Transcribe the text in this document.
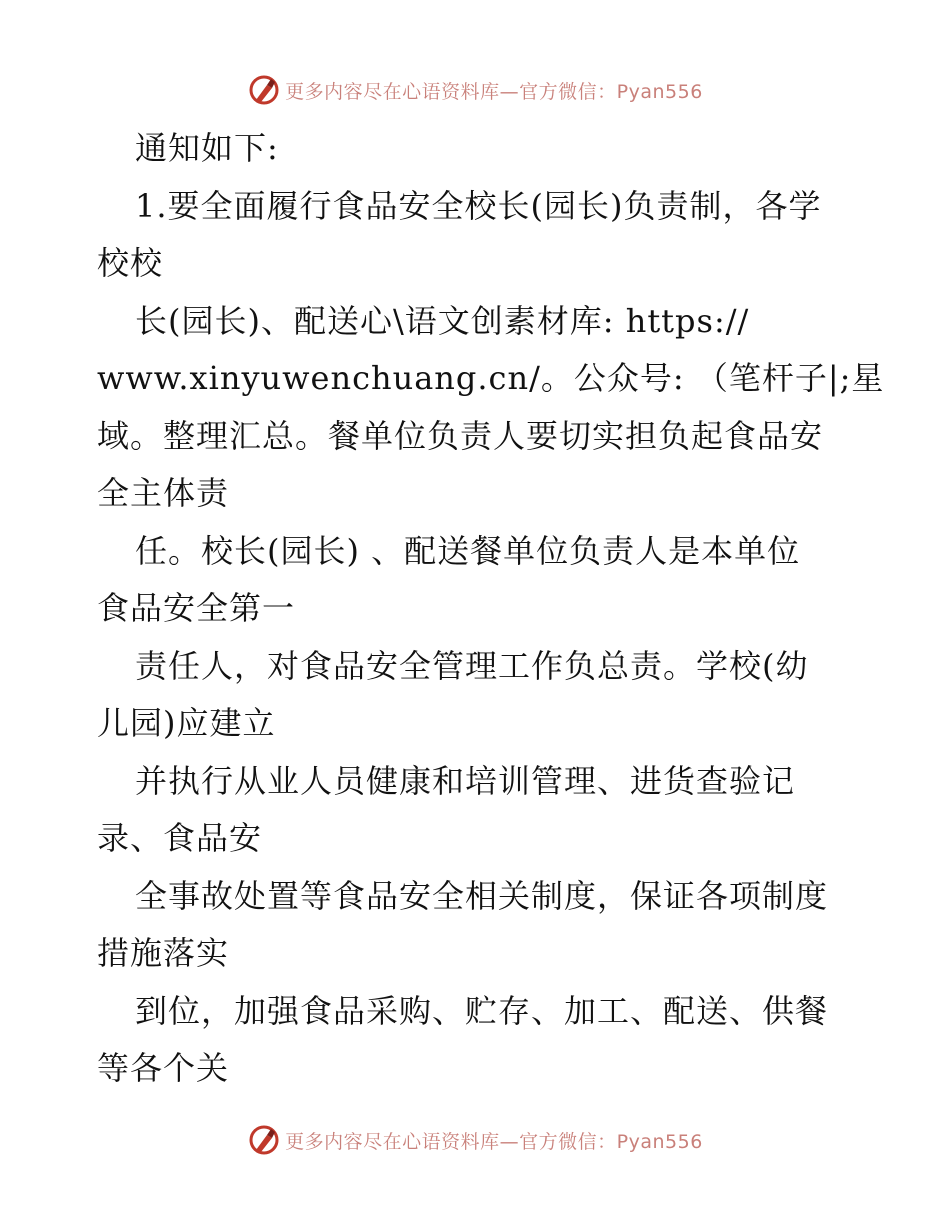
更多内容尽在心语资料库—官方微信：Pyan556
通知如下:
1.要全面履行食品安全校长(园长)负责制，各学
校校
长(园长)、配送心\语文创素材库: https://
www.xinyuwenchuang.cn/。公众号: （笔杆子|;星
域。整理汇总。餐单位负责人要切实担负起食品安
全主体责
任。校长(园长) 、配送餐单位负责人是本单位
食品安全第一
责任人，对食品安全管理工作负总责。学校(幼
儿园)应建立
并执行从业人员健康和培训管理、进货查验记
录、食品安
全事故处置等食品安全相关制度，保证各项制度
措施落实
到位，加强食品采购、贮存、加工、配送、供餐
等各个关
更多内容尽在心语资料库—官方微信：Pyan556
